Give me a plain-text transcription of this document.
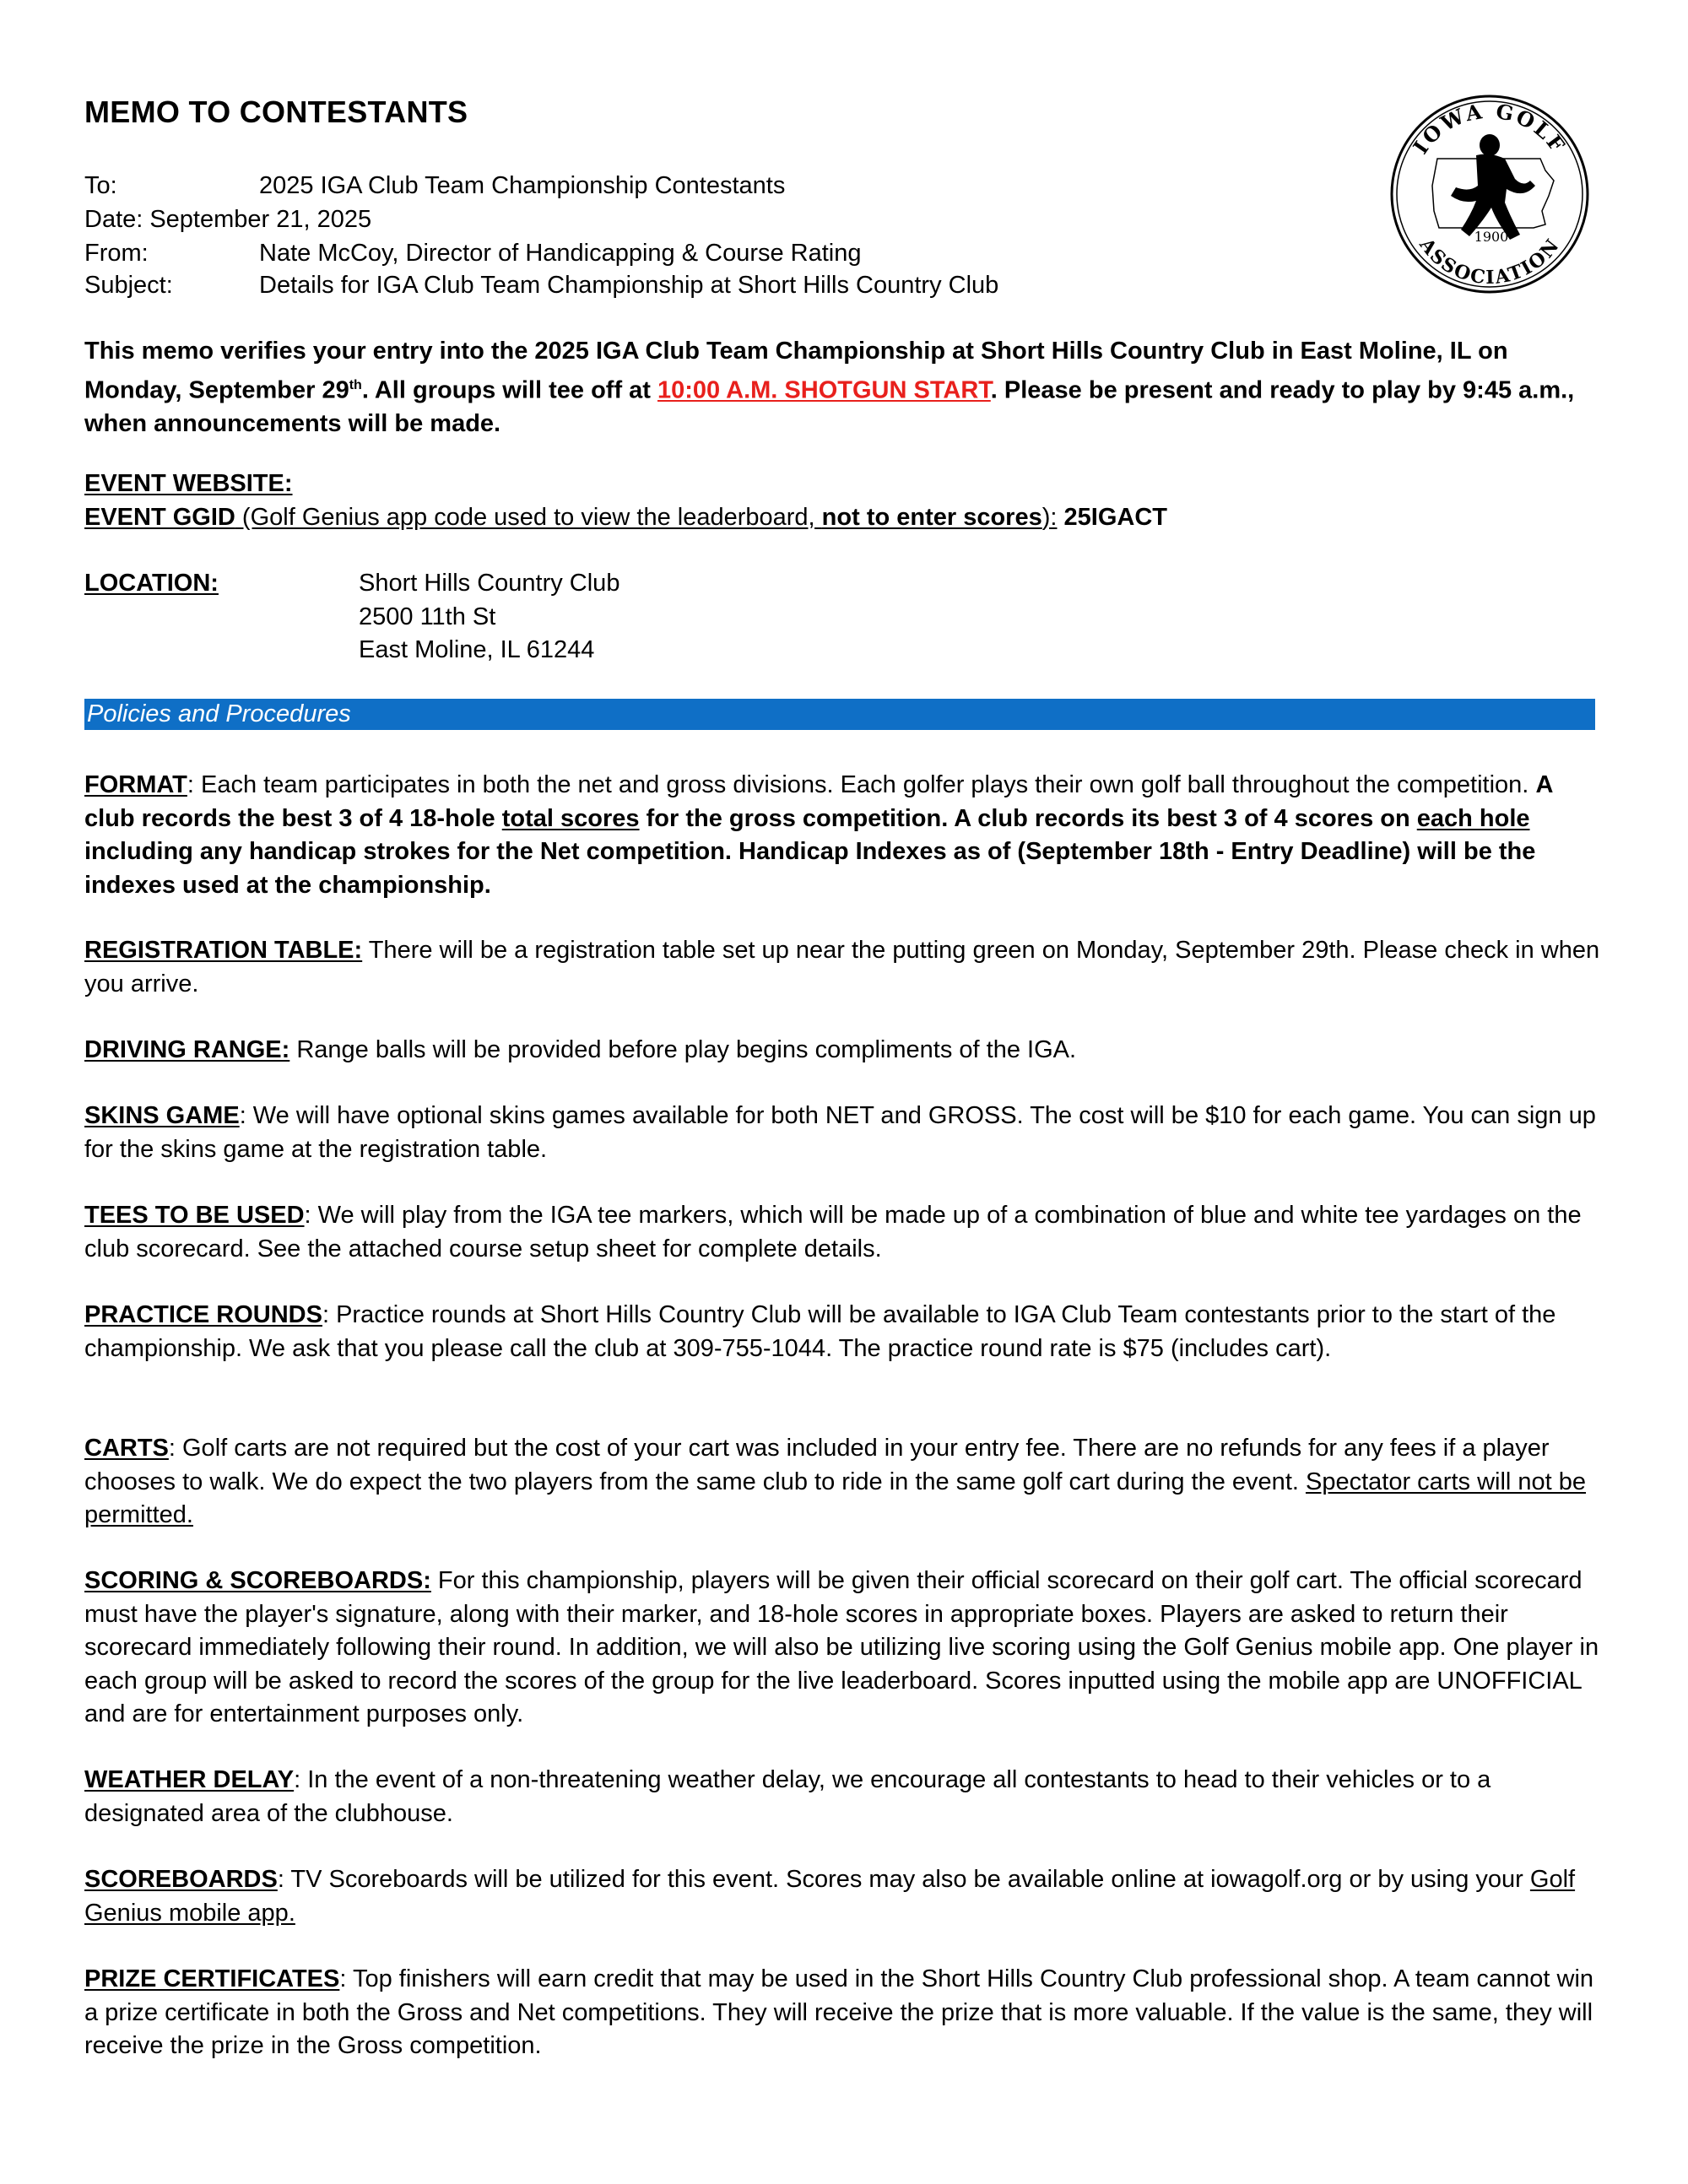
MEMO TO CONTESTANTS
To:	2025 IGA Club Team Championship Contestants
Date: September 21, 2025
From:	Nate McCoy, Director of Handicapping & Course Rating
Subject:	Details for IGA Club Team Championship at Short Hills Country Club
IOWA GOLF
ASSOCIATION
1900
This memo verifies your entry into the 2025 IGA Club Team Championship at Short Hills Country Club in East Moline, IL on Monday, September 29th. All groups will tee off at 10:00 A.M. SHOTGUN START. Please be present and ready to play by 9:45 a.m., when announcements will be made.
EVENT WEBSITE:
EVENT GGID (Golf Genius app code used to view the leaderboard, not to enter scores): 25IGACT
LOCATION:	Short Hills Country Club
2500 11th St
East Moline, IL 61244
Policies and Procedures
FORMAT: Each team participates in both the net and gross divisions. Each golfer plays their own golf ball throughout the competition. A club records the best 3 of 4 18-hole total scores for the gross competition. A club records its best 3 of 4 scores on each hole including any handicap strokes for the Net competition. Handicap Indexes as of (September 18th - Entry Deadline) will be the indexes used at the championship.
REGISTRATION TABLE: There will be a registration table set up near the putting green on Monday, September 29th. Please check in when you arrive.
DRIVING RANGE: Range balls will be provided before play begins compliments of the IGA.
SKINS GAME: We will have optional skins games available for both NET and GROSS. The cost will be $10 for each game. You can sign up for the skins game at the registration table.
TEES TO BE USED: We will play from the IGA tee markers, which will be made up of a combination of blue and white tee yardages on the club scorecard. See the attached course setup sheet for complete details.
PRACTICE ROUNDS: Practice rounds at Short Hills Country Club will be available to IGA Club Team contestants prior to the start of the championship. We ask that you please call the club at 309-755-1044. The practice round rate is $75 (includes cart).
CARTS: Golf carts are not required but the cost of your cart was included in your entry fee. There are no refunds for any fees if a player chooses to walk. We do expect the two players from the same club to ride in the same golf cart during the event. Spectator carts will not be permitted.
SCORING & SCOREBOARDS: For this championship, players will be given their official scorecard on their golf cart. The official scorecard must have the player's signature, along with their marker, and 18-hole scores in appropriate boxes. Players are asked to return their scorecard immediately following their round. In addition, we will also be utilizing live scoring using the Golf Genius mobile app. One player in each group will be asked to record the scores of the group for the live leaderboard. Scores inputted using the mobile app are UNOFFICIAL and are for entertainment purposes only.
WEATHER DELAY: In the event of a non-threatening weather delay, we encourage all contestants to head to their vehicles or to a designated area of the clubhouse.
SCOREBOARDS: TV Scoreboards will be utilized for this event. Scores may also be available online at iowagolf.org or by using your Golf Genius mobile app.
PRIZE CERTIFICATES: Top finishers will earn credit that may be used in the Short Hills Country Club professional shop. A team cannot win a prize certificate in both the Gross and Net competitions. They will receive the prize that is more valuable. If the value is the same, they will receive the prize in the Gross competition.
